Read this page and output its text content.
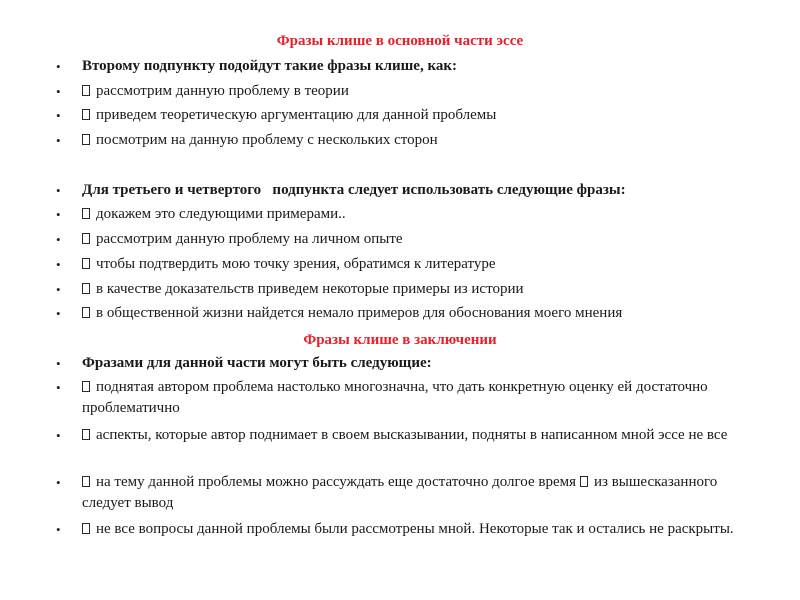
Фразы клише в основной части эссе
• Второму подпункту подойдут такие фразы клише, как:
•	рассмотрим данную проблему в теории
•	приведем теоретическую аргументацию для данной проблемы
•	посмотрим на данную проблему с нескольких сторон
• Для третьего и четвертого   подпункта следует использовать следующие фразы:
•	докажем это следующими примерами..
•	рассмотрим данную проблему на личном опыте
•	чтобы подтвердить мою точку зрения, обратимся к литературе
•	в качестве доказательств приведем некоторые примеры из истории
•	в общественной жизни найдется немало примеров для обоснования моего мнения
Фразы клише в заключении
• Фразами для данной части могут быть следующие:
•	поднятая автором проблема настолько многозначна, что дать конкретную оценку ей достаточно проблематично
•	аспекты, которые автор поднимает в своем высказывании, подняты в написанном мной эссе не все
•	на тему данной проблемы можно рассуждать еще достаточно долгое время из вышесказанного следует вывод
•	не все вопросы данной проблемы были рассмотрены мной. Некоторые так и остались не раскрыты.
